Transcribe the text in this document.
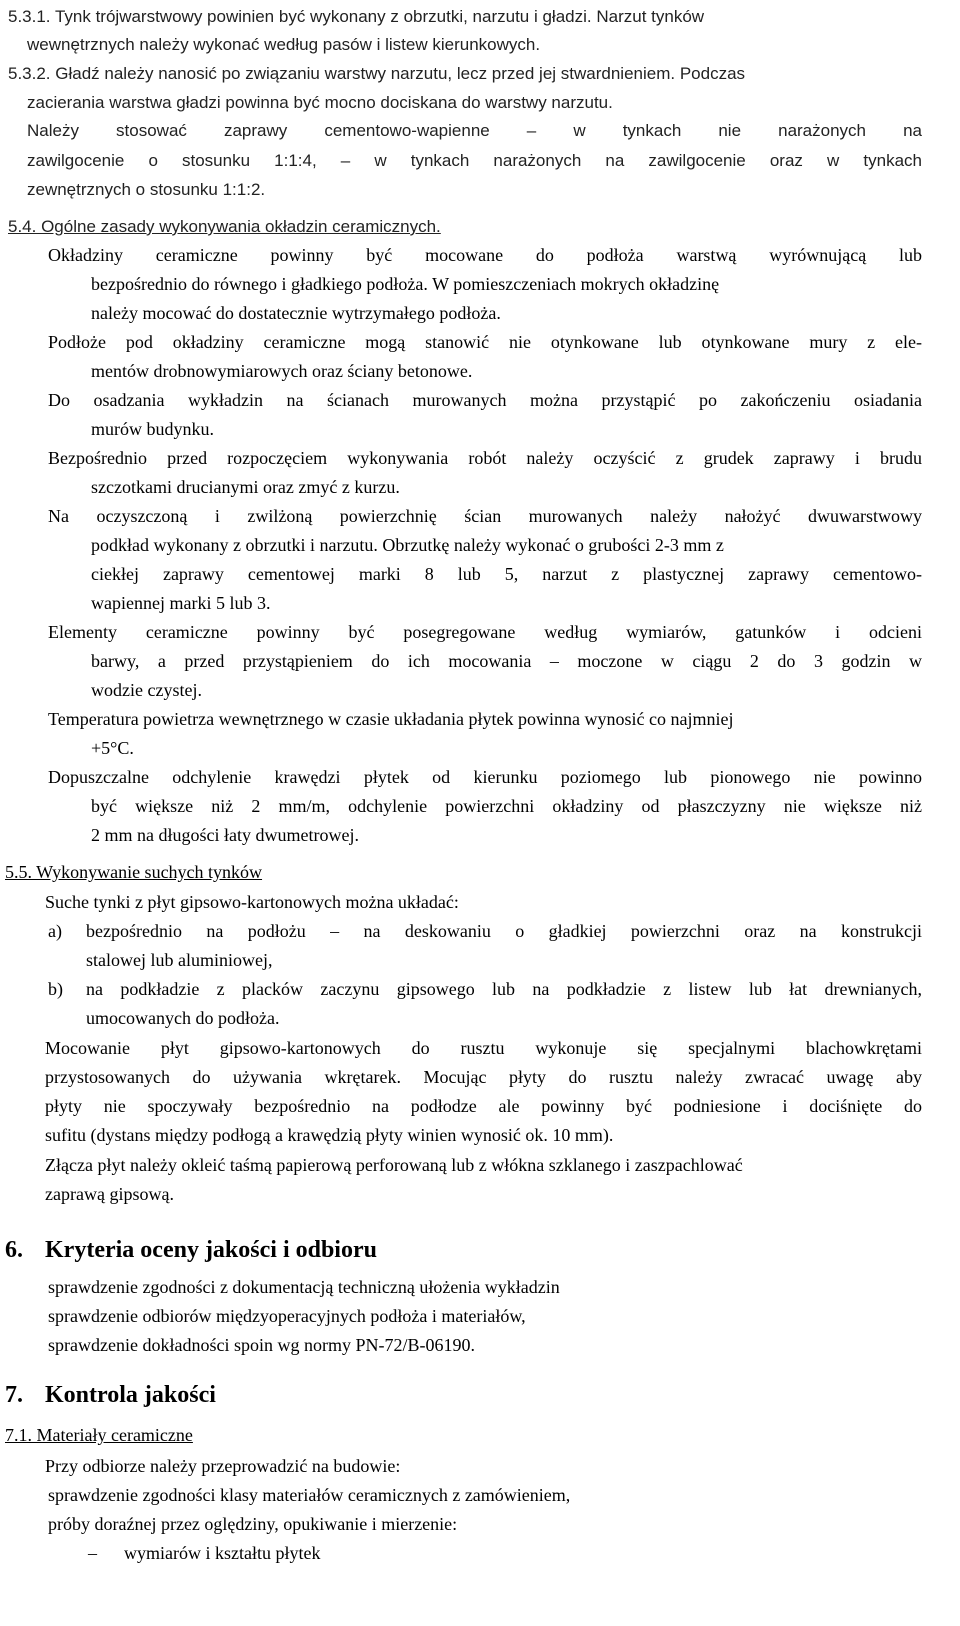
5.3.1. Tynk trójwarstwowy powinien być wykonany z obrzutki, narzutu i gładzi. Narzut tynków
wewnętrznych należy wykonać według pasów i listew kierunkowych.
5.3.2. Gładź należy nanosić po związaniu warstwy narzutu, lecz przed jej stwardnieniem. Podczas
zacierania warstwa gładzi powinna być mocno dociskana do warstwy narzutu.
Należy stosować zaprawy cementowo-wapienne – w tynkach nie narażonych na
zawilgocenie o stosunku 1:1:4, – w tynkach narażonych na zawilgocenie oraz w tynkach
zewnętrznych o stosunku 1:1:2.
5.4. Ogólne zasady wykonywania okładzin ceramicznych.
Okładziny ceramiczne powinny być mocowane do podłoża warstwą wyrównującą lub
bezpośrednio do równego i gładkiego podłoża. W pomieszczeniach mokrych okładzinę
należy mocować do dostatecznie wytrzymałego podłoża.
Podłoże pod okładziny ceramiczne mogą stanowić nie otynkowane lub otynkowane mury z ele-
mentów drobnowymiarowych oraz ściany betonowe.
Do osadzania wykładzin na ścianach murowanych można przystąpić po zakończeniu osiadania
murów budynku.
Bezpośrednio przed rozpoczęciem wykonywania robót należy oczyścić z grudek zaprawy i brudu
szczotkami drucianymi oraz zmyć z kurzu.
Na oczyszczoną i zwilżoną powierzchnię ścian murowanych należy nałożyć dwuwarstwowy
podkład wykonany z obrzutki i narzutu. Obrzutkę należy wykonać o grubości 2-3 mm z
ciekłej zaprawy cementowej marki 8 lub 5, narzut z plastycznej zaprawy cementowo-
wapiennej marki 5 lub 3.
Elementy ceramiczne powinny być posegregowane według wymiarów, gatunków i odcieni
barwy, a przed przystąpieniem do ich mocowania – moczone w ciągu 2 do 3 godzin w
wodzie czystej.
Temperatura powietrza wewnętrznego w czasie układania płytek powinna wynosić co najmniej
+5°C.
Dopuszczalne odchylenie krawędzi płytek od kierunku poziomego lub pionowego nie powinno
być większe niż 2 mm/m, odchylenie powierzchni okładziny od płaszczyzny nie większe niż
2 mm na długości łaty dwumetrowej.
5.5. Wykonywanie suchych tynków
Suche tynki z płyt gipsowo-kartonowych można układać:
a) bezpośrednio na podłożu – na deskowaniu o gładkiej powierzchni oraz na konstrukcji
stalowej lub aluminiowej,
b) na podkładzie z placków zaczynu gipsowego lub na podkładzie z listew lub łat drewnianych,
umocowanych do podłoża.
Mocowanie płyt gipsowo-kartonowych do rusztu wykonuje się specjalnymi blachowkrętami
przystosowanych do używania wkrętarek. Mocując płyty do rusztu należy zwracać uwagę aby
płyty nie spoczywały bezpośrednio na podłodze ale powinny być podniesione i dociśnięte do
sufitu (dystans między podłogą a krawędzią płyty winien wynosić ok. 10 mm).
Złącza płyt należy okleić taśmą papierową perforowaną lub z włókna szklanego i zaszpachlować
zaprawą gipsową.
6. Kryteria oceny jakości i odbioru
sprawdzenie zgodności z dokumentacją techniczną ułożenia wykładzin
sprawdzenie odbiorów międzyoperacyjnych podłoża i materiałów,
sprawdzenie dokładności spoin wg normy PN-72/B-06190.
7. Kontrola jakości
7.1. Materiały ceramiczne
Przy odbiorze należy przeprowadzić na budowie:
sprawdzenie zgodności klasy materiałów ceramicznych z zamówieniem,
próby doraźnej przez oględziny, opukiwanie i mierzenie:
– wymiarów i kształtu płytek
